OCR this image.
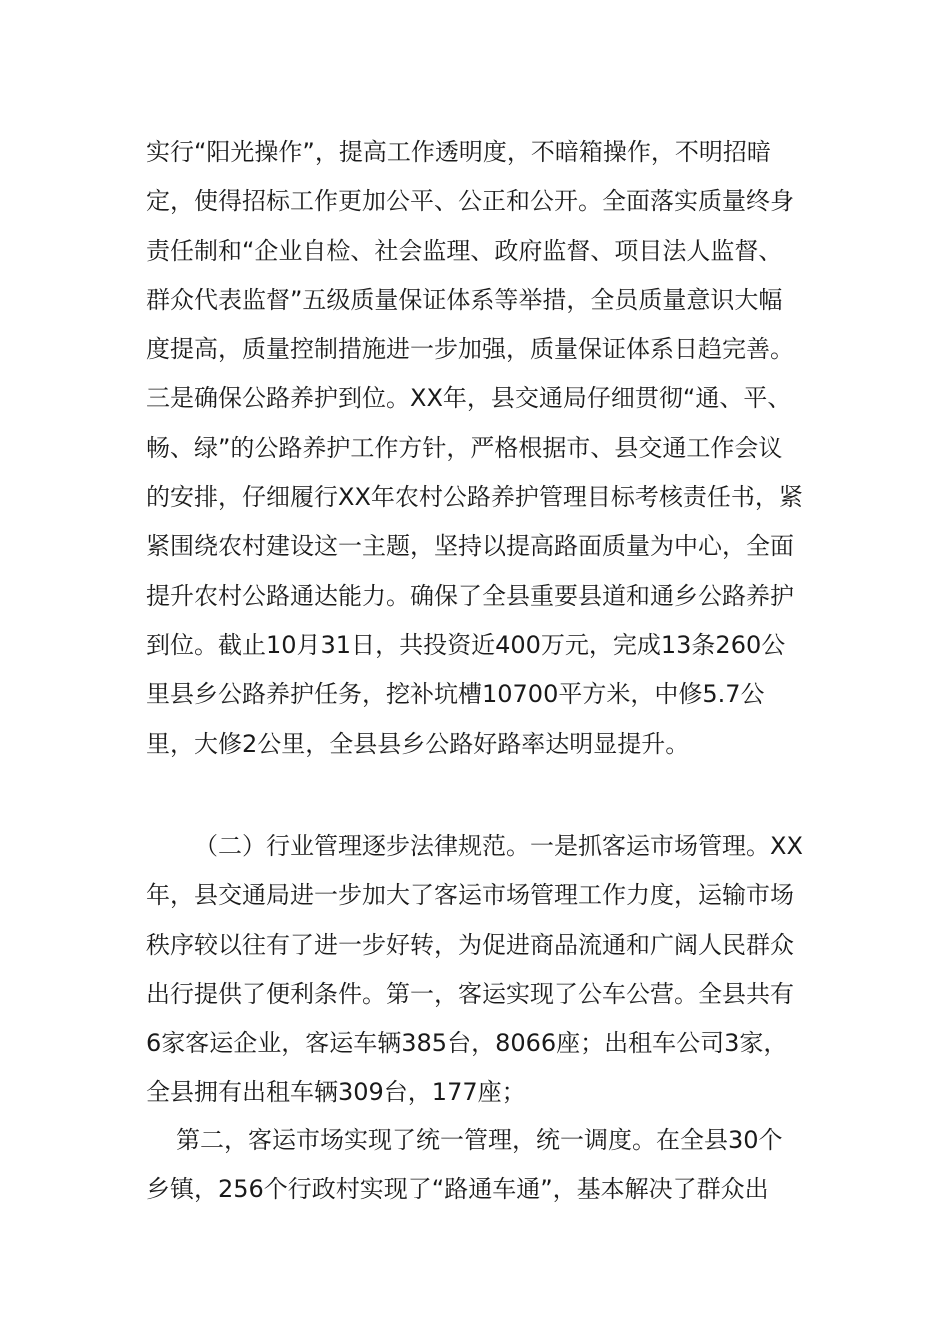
实行“阳光操作”，提高工作透明度，不暗箱操作，不明招暗定，使得招标工作更加公平、公正和公开。全面落实质量终身责任制和“企业自检、社会监理、政府监督、项目法人监督、群众代表监督”五级质量保证体系等举措，全员质量意识大幅度提高，质量控制措施进一步加强，质量保证体系日趋完善。三是确保公路养护到位。XX年，县交通局仔细贯彻“通、平、畅、绿”的公路养护工作方针，严格根据市、县交通工作会议的安排，仔细履行XX年农村公路养护管理目标考核责任书，紧紧围绕农村建设这一主题，坚持以提高路面质量为中心，全面提升农村公路通达能力。确保了全县重要县道和通乡公路养护到位。截止10月31日，共投资近400万元，完成13条260公里县乡公路养护任务，挖补坑槽10700平方米，中修5.7公里，大修2公里，全县县乡公路好路率达明显提升。

（二）行业管理逐步法律规范。一是抓客运市场管理。XX年，县交通局进一步加大了客运市场管理工作力度，运输市场秩序较以往有了进一步好转，为促进商品流通和广阔人民群众出行提供了便利条件。第一，客运实现了公车公营。全县共有6家客运企业，客运车辆385台，8066座；出租车公司3家，全县拥有出租车辆309台，177座；

第二，客运市场实现了统一管理，统一调度。在全县30个乡镇，256个行政村实现了“路通车通”，基本解决了群众出
